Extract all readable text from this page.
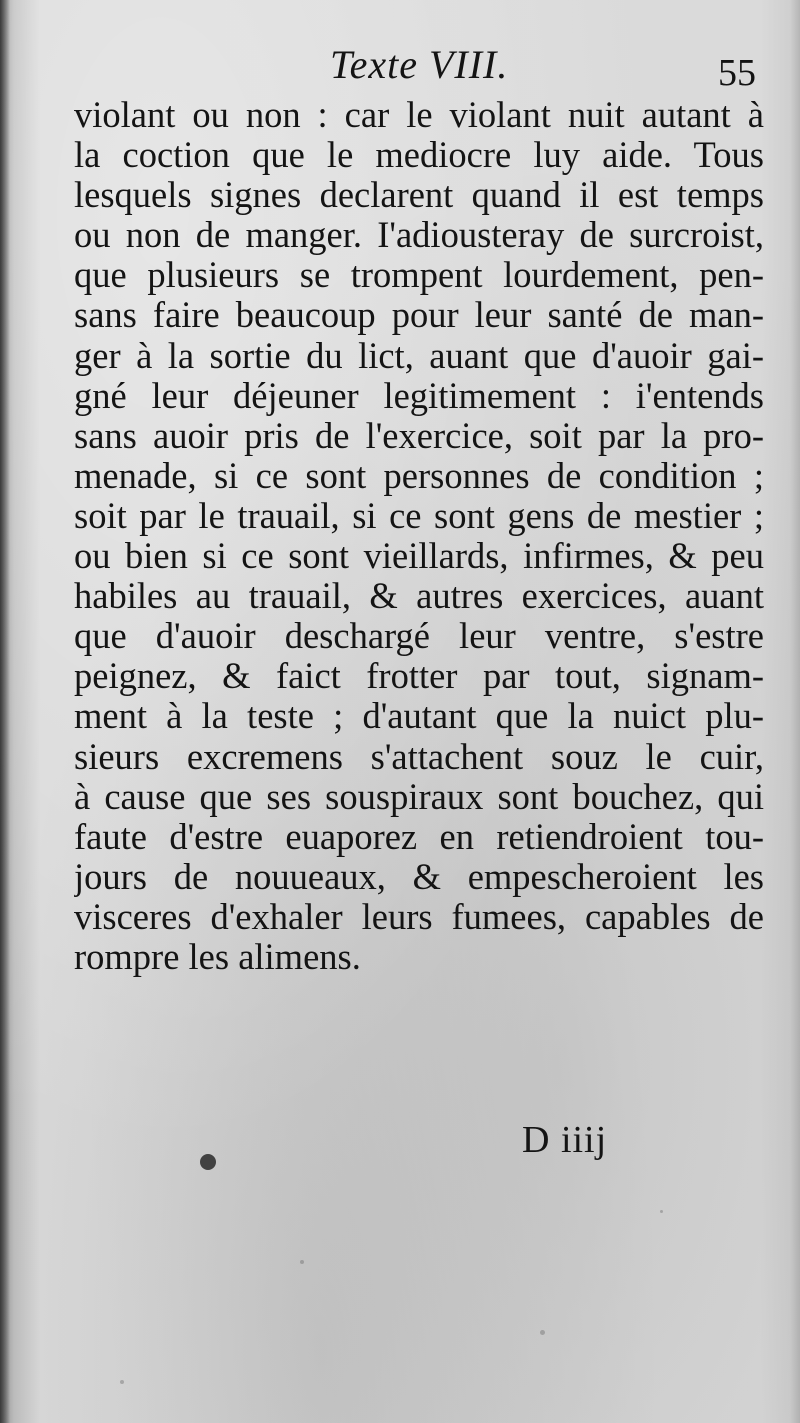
Texte VIII.	55
violant ou non : car le violant nuit autant à
la coction que le mediocre luy aide. Tous
lesquels signes declarent quand il est temps
ou non de manger. I'adiousteray de surcroist,
que plusieurs se trompent lourdement, pen-
sans faire beaucoup pour leur santé de man-
ger à la sortie du lict, auant que d'auoir gai-
gné leur déjeuner legitimement : i'entends
sans auoir pris de l'exercice, soit par la pro-
menade, si ce sont personnes de condition ;
soit par le trauail, si ce sont gens de mestier ;
ou bien si ce sont vieillards, infirmes, & peu
habiles au trauail, & autres exercices, auant
que d'auoir deschargé leur ventre, s'estre
peignez, & faict frotter par tout, signam-
ment à la teste ; d'autant que la nuict plu-
sieurs excremens s'attachent souz le cuir,
à cause que ses souspiraux sont bouchez, qui
faute d'estre euaporez en retiendroient tou-
jours de nouueaux, & empescheroient les
visceres d'exhaler leurs fumees, capables de
rompre les alimens.
D iiij
